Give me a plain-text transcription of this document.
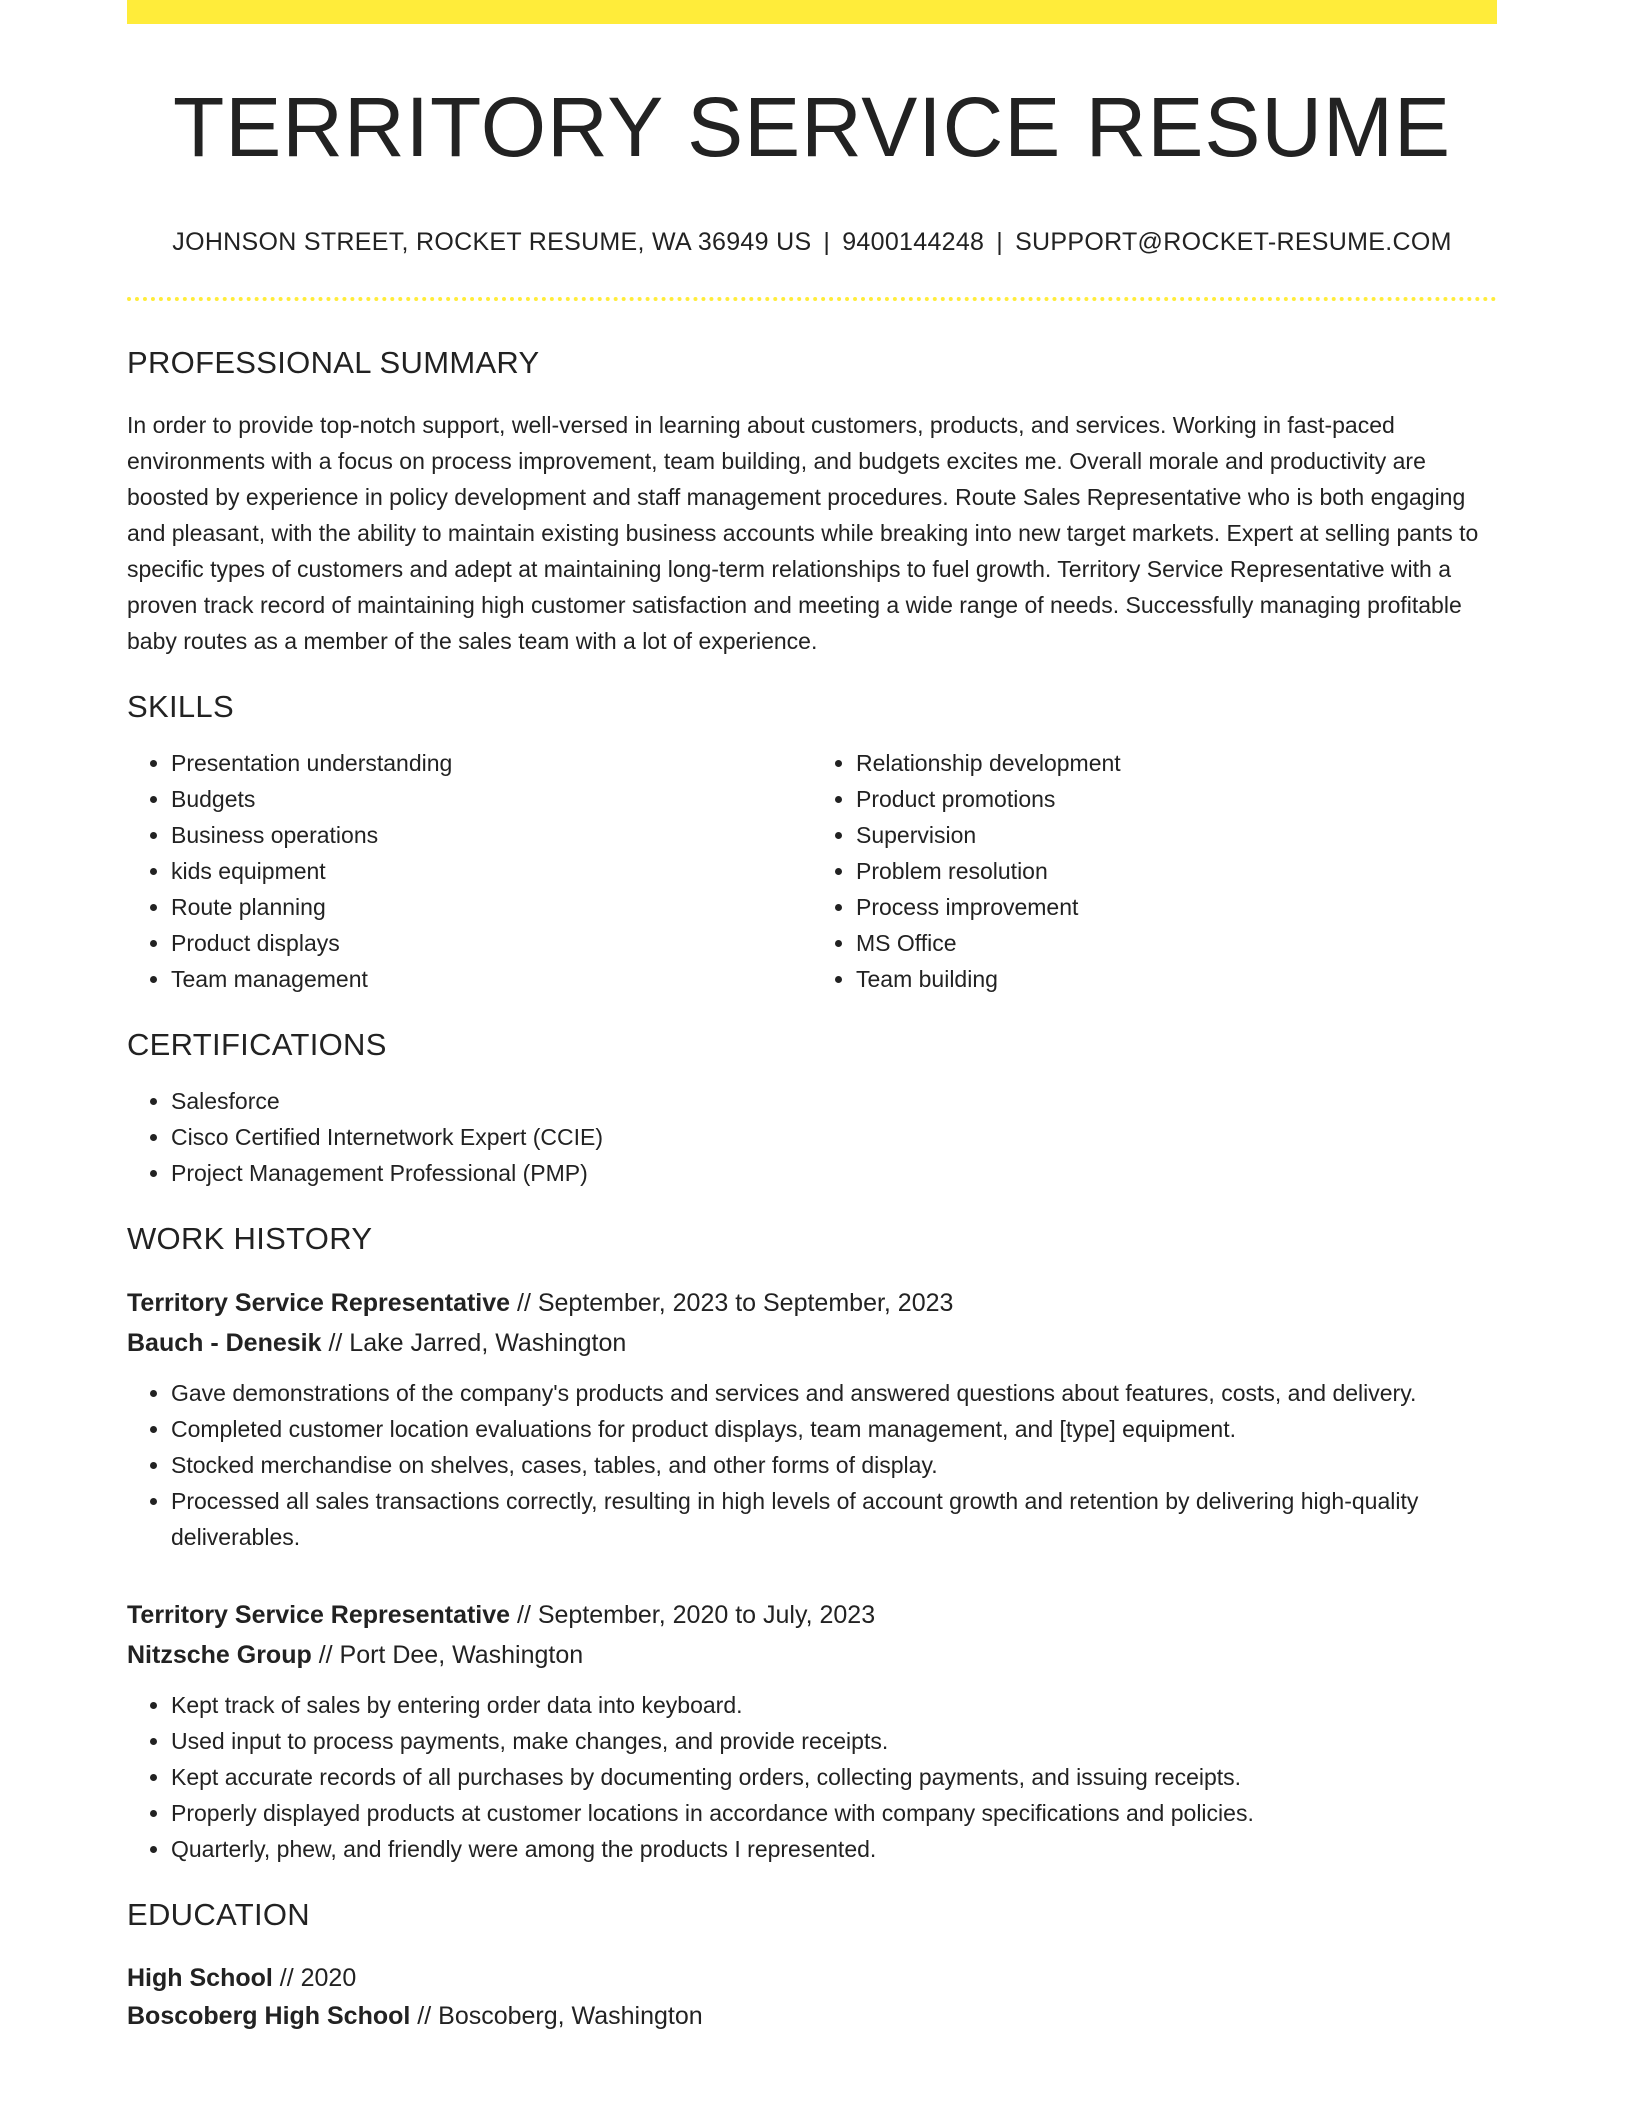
TERRITORY SERVICE RESUME
JOHNSON STREET, ROCKET RESUME, WA 36949 US | 9400144248 | SUPPORT@ROCKET-RESUME.COM
PROFESSIONAL SUMMARY
In order to provide top-notch support, well-versed in learning about customers, products, and services. Working in fast-paced environments with a focus on process improvement, team building, and budgets excites me. Overall morale and productivity are boosted by experience in policy development and staff management procedures. Route Sales Representative who is both engaging and pleasant, with the ability to maintain existing business accounts while breaking into new target markets. Expert at selling pants to specific types of customers and adept at maintaining long-term relationships to fuel growth. Territory Service Representative with a proven track record of maintaining high customer satisfaction and meeting a wide range of needs. Successfully managing profitable baby routes as a member of the sales team with a lot of experience.
SKILLS
• Presentation understanding
• Budgets
• Business operations
• kids equipment
• Route planning
• Product displays
• Team management
• Relationship development
• Product promotions
• Supervision
• Problem resolution
• Process improvement
• MS Office
• Team building
CERTIFICATIONS
• Salesforce
• Cisco Certified Internetwork Expert (CCIE)
• Project Management Professional (PMP)
WORK HISTORY
Territory Service Representative // September, 2023 to September, 2023
Bauch - Denesik // Lake Jarred, Washington
• Gave demonstrations of the company's products and services and answered questions about features, costs, and delivery.
• Completed customer location evaluations for product displays, team management, and [type] equipment.
• Stocked merchandise on shelves, cases, tables, and other forms of display.
• Processed all sales transactions correctly, resulting in high levels of account growth and retention by delivering high-quality deliverables.
Territory Service Representative // September, 2020 to July, 2023
Nitzsche Group // Port Dee, Washington
• Kept track of sales by entering order data into keyboard.
• Used input to process payments, make changes, and provide receipts.
• Kept accurate records of all purchases by documenting orders, collecting payments, and issuing receipts.
• Properly displayed products at customer locations in accordance with company specifications and policies.
• Quarterly, phew, and friendly were among the products I represented.
EDUCATION
High School // 2020
Boscoberg High School // Boscoberg, Washington
